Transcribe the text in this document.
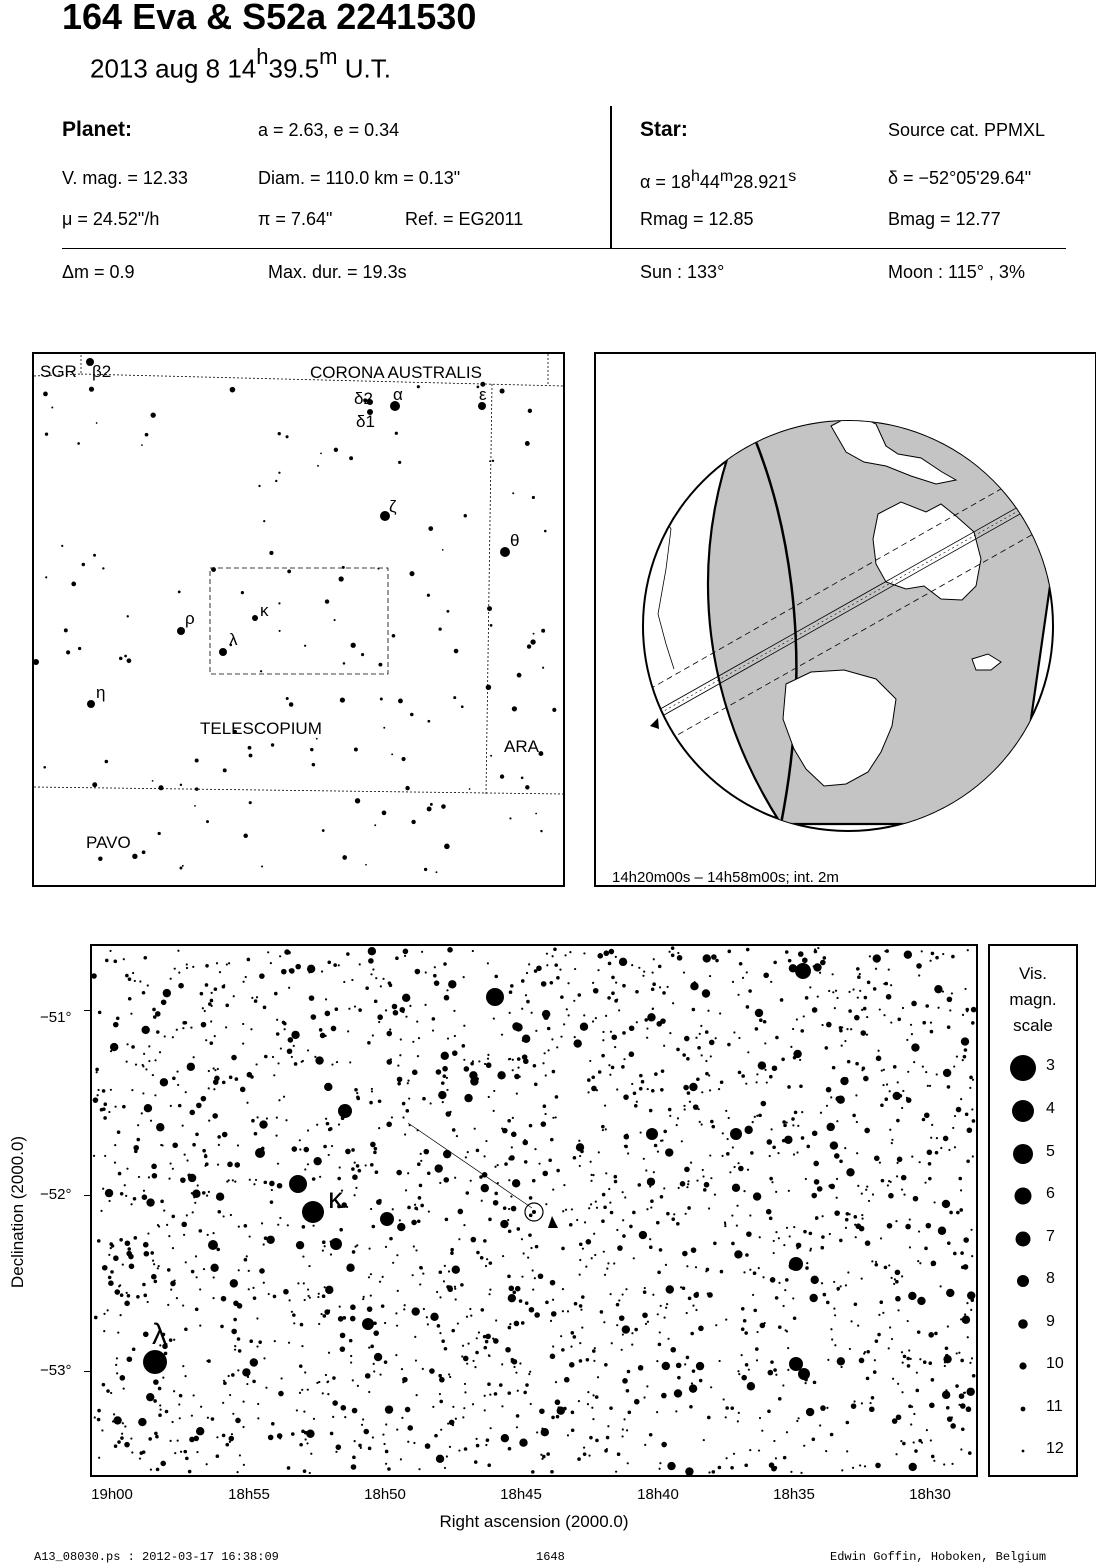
164 Eva & S52a 2241530
2013 aug 8 14$^h$39.5$^m$ U.T.
Planet:	a = 2.63, e = 0.34
V. mag. = 12.33	Diam. = 110.0 km = 0.13"
μ = 24.52"/h	π = 7.64"	Ref. = EG2011
Star:	Source cat. PPMXL
$\alpha = 18^h44^m28.921^s$	δ = −52°05'29.64"
Rmag = 12.85	Bmag = 12.77
Δm = 0.9	Max. dur. = 19.3s	Sun : 133°	Moon : 115° , 3%
α
δ2
δ1
ε
ζ
θ
ρ	κ
λ
η
SGR β2	CORONA AUSTRALIS
TELESCOPIUM
ARA
PAVO
14h20m00s – 14h58m00s; int. 2m
κ
λ
Declination (2000.0)
Right ascension (2000.0)
−51°
−52°
−53°
19h00	18h55	18h50	18h45	18h40	18h35	18h30
Vis.
magn.
scale
3
4
5
6
7
8
9
10
11
12
A13_08030.ps : 2012-03-17 16:38:09	1648	Edwin Goffin, Hoboken, Belgium
